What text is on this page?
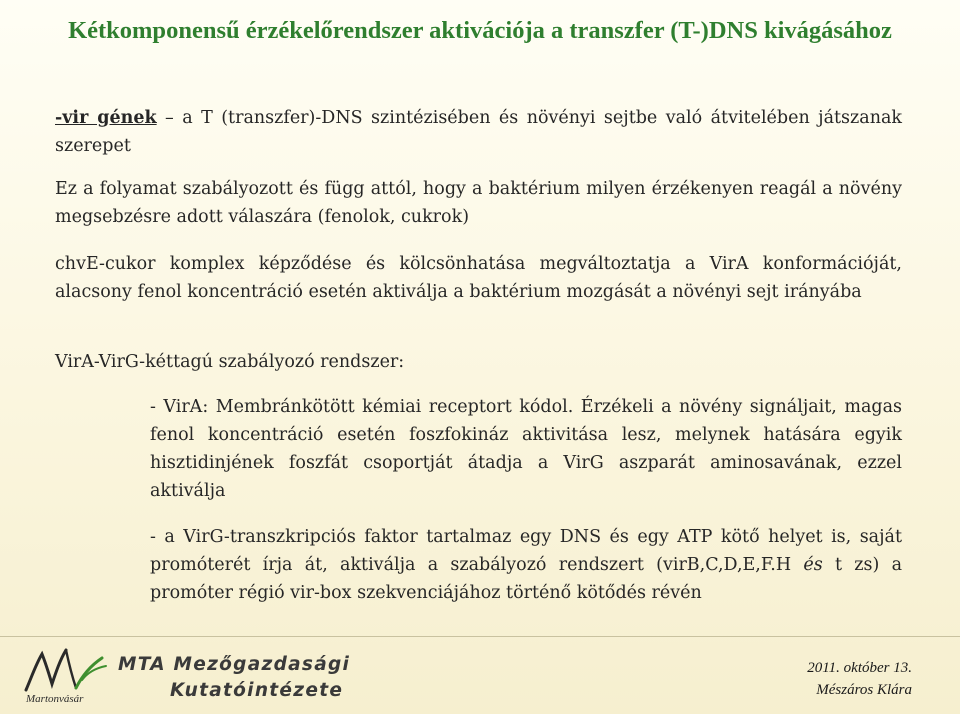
Kétkomponensű érzékelőrendszer aktivációja a transzfer (T-)DNS kivágásához

-vir gének – a T (transzfer)-DNS szintézisében és növényi sejtbe való átvitelében játszanak szerepet

Ez a folyamat szabályozott és függ attól, hogy a baktérium milyen érzékenyen reagál a növény megsebzésre adott válaszára (fenolok, cukrok)

chvE-cukor komplex képződése és kölcsönhatása megváltoztatja a VirA konformációját, alacsony fenol koncentráció esetén aktiválja a baktérium mozgását a növényi sejt irányába

VirA-VirG-kéttagú szabályozó rendszer:

- VirA: Membránkötött kémiai receptort kódol. Érzékeli a növény signáljait, magas fenol koncentráció esetén foszfokináz aktivitása lesz, melynek hatására egyik hisztidinjének foszfát csoportját átadja a VirG aszparát aminosavának, ezzel aktiválja

- a VirG-transzkripciós faktor tartalmaz egy DNS és egy ATP kötő helyet is, saját promóterét írja át, aktiválja a szabályozó rendszert (virB,C,D,E,F.H és t zs) a promóter régió vir-box szekvenciájához történő kötődés révén

Martonvásár
MTA Mezőgazdasági
Kutatóintézete
2011. október 13.
Mészáros Klára
